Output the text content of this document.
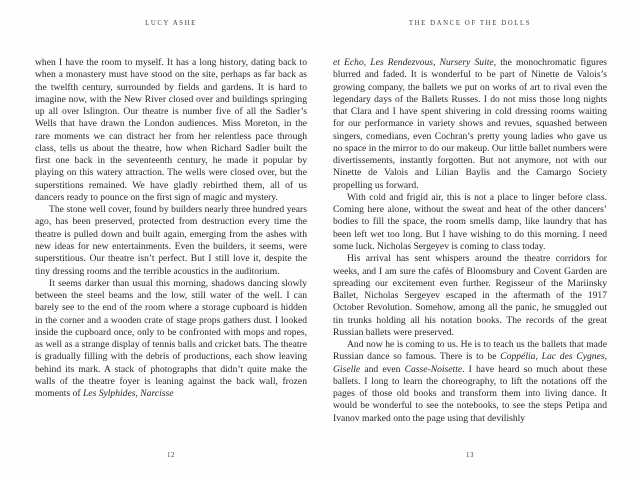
LUCY ASHE

when I have the room to myself. It has a long history, dating back to when a monastery must have stood on the site, perhaps as far back as the twelfth century, surrounded by fields and gardens. It is hard to imagine now, with the New River closed over and buildings springing up all over Islington. Our theatre is number five of all the Sadler’s Wells that have drawn the London audiences. Miss Moreton, in the rare moments we can distract her from her relentless pace through class, tells us about the theatre, how when Richard Sadler built the first one back in the seventeenth century, he made it popular by playing on this watery attraction. The wells were closed over, but the superstitions remained. We have gladly rebirthed them, all of us dancers ready to pounce on the first sign of magic and mystery.

The stone well cover, found by builders nearly three hundred years ago, has been preserved, protected from destruction every time the theatre is pulled down and built again, emerging from the ashes with new ideas for new entertainments. Even the builders, it seems, were superstitious. Our theatre isn’t perfect. But I still love it, despite the tiny dressing rooms and the terrible acoustics in the auditorium.

It seems darker than usual this morning, shadows dancing slowly between the steel beams and the low, still water of the well. I can barely see to the end of the room where a storage cupboard is hidden in the corner and a wooden crate of stage props gathers dust. I looked inside the cupboard once, only to be confronted with mops and ropes, as well as a strange display of tennis balls and cricket bats. The theatre is gradually filling with the debris of productions, each show leaving behind its mark. A stack of photographs that didn’t quite make the walls of the theatre foyer is leaning against the back wall, frozen moments of Les Sylphides, Narcisse

12
THE DANCE OF THE DOLLS

et Echo, Les Rendezvous, Nursery Suite, the monochromatic figures blurred and faded. It is wonderful to be part of Ninette de Valois’s growing company, the ballets we put on works of art to rival even the legendary days of the Ballets Russes. I do not miss those long nights that Clara and I have spent shivering in cold dressing rooms waiting for our performance in variety shows and revues, squashed between singers, comedians, even Cochran’s pretty young ladies who gave us no space in the mirror to do our makeup. Our little ballet numbers were divertissements, instantly forgotten. But not anymore, not with our Ninette de Valois and Lilian Baylis and the Camargo Society propelling us forward.

With cold and frigid air, this is not a place to linger before class. Coming here alone, without the sweat and heat of the other dancers’ bodies to fill the space, the room smells damp, like laundry that has been left wet too long. But I have wishing to do this morning. I need some luck. Nicholas Sergeyev is coming to class today.

His arrival has sent whispers around the theatre corridors for weeks, and I am sure the cafés of Bloomsbury and Covent Garden are spreading our excitement even further. Regisseur of the Mariinsky Ballet, Nicholas Sergeyev escaped in the aftermath of the 1917 October Revolution. Somehow, among all the panic, he smuggled out tin trunks holding all his notation books. The records of the great Russian ballets were preserved.

And now he is coming to us. He is to teach us the ballets that made Russian dance so famous. There is to be Coppélia, Lac des Cygnes, Giselle and even Casse-Noisette. I have heard so much about these ballets. I long to learn the choreography, to lift the notations off the pages of those old books and transform them into living dance. It would be wonderful to see the notebooks, to see the steps Petipa and Ivanov marked onto the page using that devilishly

13
